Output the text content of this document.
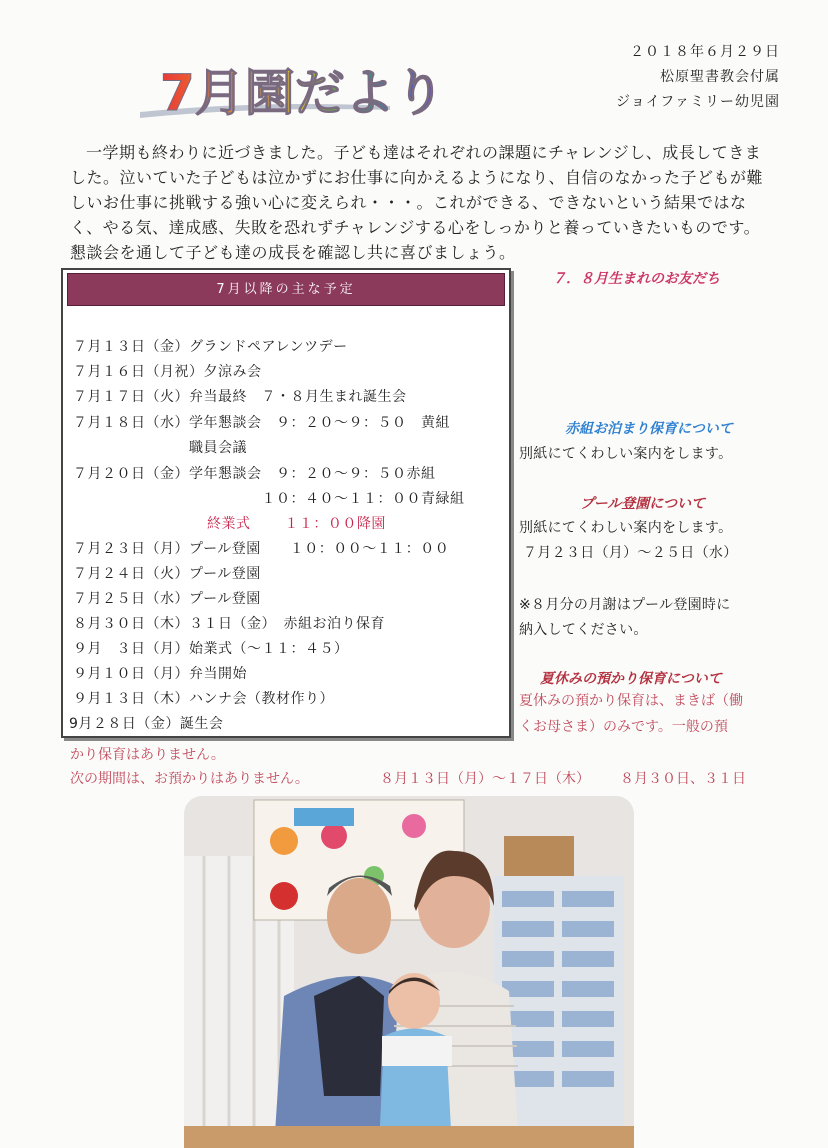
7月園だより
２０１８年６月２９日
松原聖書教会付属
ジョイファミリー幼児園
一学期も終わりに近づきました。子ども達はそれぞれの課題にチャレンジし、成長してきました。泣いていた子どもは泣かずにお仕事に向かえるようになり、自信のなかった子どもが難しいお仕事に挑戦する強い心に変えられ・・・。これができる、できないという結果ではなく、やる気、達成感、失敗を恐れずチャレンジする心をしっかりと養っていきたいものです。懇談会を通して子ども達の成長を確認し共に喜びましょう。
7月以降の主な予定
７月１３日（金）グランドペアレンツデー
７月１６日（月祝）夕涼み会
７月１７日（火）弁当最終　７・８月生まれ誕生会
７月１８日（水）学年懇談会　９：２０～９：５０　黄組
　　　　　　　　職員会議
７月２０日（金）学年懇談会　９：２０～９：５０赤組
　　　　　　　　　　　　　１０：４０～１１：００青緑組
終業式 １１：００降園
７月２３日（月）プール登園　　１０：００～１１：００
７月２４日（火）プール登園
７月２５日（水）プール登園
８月３０日（木）３１日（金）　赤組お泊り保育
９月　３日（月）始業式（～１１：４５）
９月１０日（月）弁当開始
９月１３日（木）ハンナ会（教材作り）
9月２８日（金）誕生会
７．８月生まれのお友だち
赤組お泊まり保育について
別紙にてくわしい案内をします。
プール登園について
別紙にてくわしい案内をします。
７月２３日（月）～２５日（水）
※８月分の月謝はプール登園時に
納入してください。
夏休みの預かり保育について
夏休みの預かり保育は、まきば（働
くお母さま）のみです。一般の預
かり保育はありません。
次の期間は、お預かりはありません。	８月１３日（月）～１７日（木） ８月３０日、３１日
